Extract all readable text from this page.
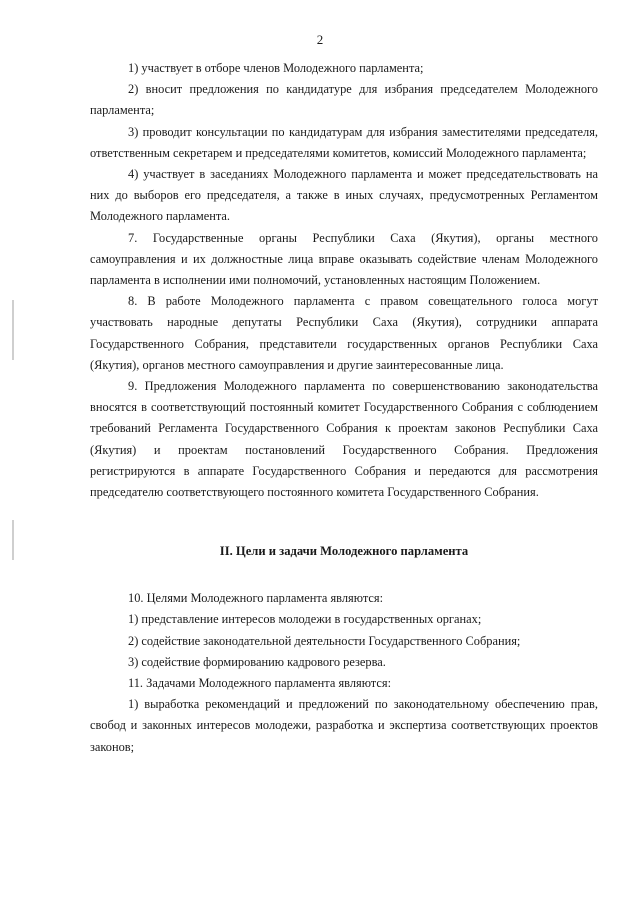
2

1) участвует в отборе членов Молодежного парламента;

2) вносит предложения по кандидатуре для избрания председателем Молодежного парламента;

3) проводит консультации по кандидатурам для избрания заместителями председателя, ответственным секретарем и председателями комитетов, комиссий Молодежного парламента;

4) участвует в заседаниях Молодежного парламента и может председательствовать на них до выборов его председателя, а также в иных случаях, предусмотренных Регламентом Молодежного парламента.

7. Государственные органы Республики Саха (Якутия), органы местного самоуправления и их должностные лица вправе оказывать содействие членам Молодежного парламента в исполнении ими полномочий, установленных настоящим Положением.

8. В работе Молодежного парламента с правом совещательного голоса могут участвовать народные депутаты Республики Саха (Якутия), сотрудники аппарата Государственного Собрания, представители государственных органов Республики Саха (Якутия), органов местного самоуправления и другие заинтересованные лица.

9. Предложения Молодежного парламента по совершенствованию законодательства вносятся в соответствующий постоянный комитет Государственного Собрания с соблюдением требований Регламента Государственного Собрания к проектам законов Республики Саха (Якутия) и проектам постановлений Государственного Собрания. Предложения регистрируются в аппарате Государственного Собрания и передаются для рассмотрения председателю соответствующего постоянного комитета Государственного Собрания.

II. Цели и задачи Молодежного парламента

10. Целями Молодежного парламента являются:

1) представление интересов молодежи в государственных органах;

2) содействие законодательной деятельности Государственного Собрания;

3) содействие формированию кадрового резерва.

11. Задачами Молодежного парламента являются:

1) выработка рекомендаций и предложений по законодательному обеспечению прав, свобод и законных интересов молодежи, разработка и экспертиза соответствующих проектов законов;
